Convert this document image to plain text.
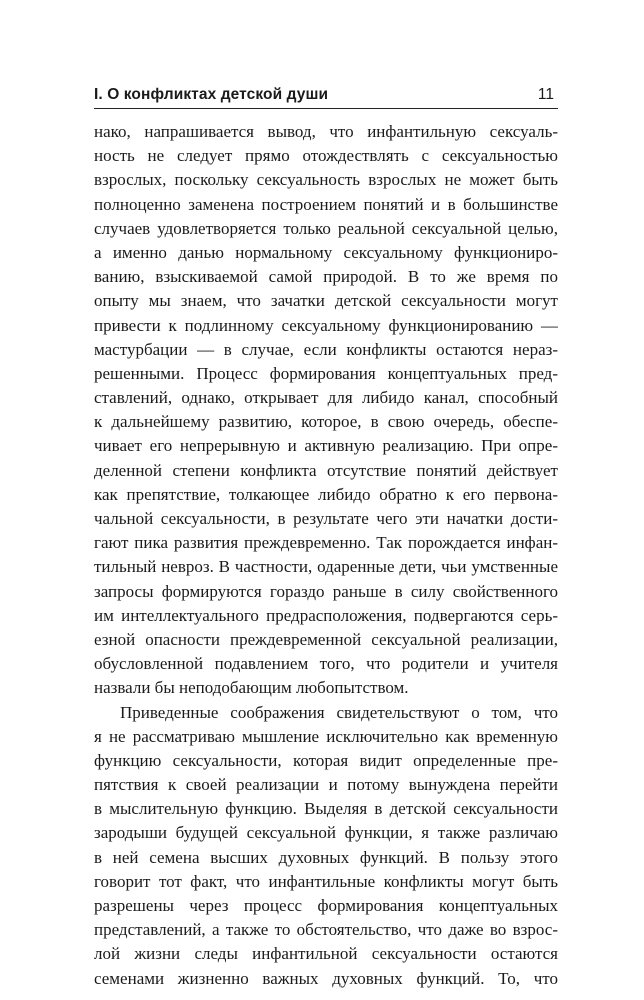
I. О конфликтах детской души	11
нако, напрашивается вывод, что инфантильную сексуаль-
ность не следует прямо отождествлять с сексуальностью
взрослых, поскольку сексуальность взрослых не может быть
полноценно заменена построением понятий и в большинстве
случаев удовлетворяется только реальной сексуальной целью,
а именно данью нормальному сексуальному функциониро-
ванию, взыскиваемой самой природой. В то же время по
опыту мы знаем, что зачатки детской сексуальности могут
привести к подлинному сексуальному функционированию —
мастурбации — в случае, если конфликты остаются нераз-
решенными. Процесс формирования концептуальных пред-
ставлений, однако, открывает для либидо канал, способный
к дальнейшему развитию, которое, в свою очередь, обеспе-
чивает его непрерывную и активную реализацию. При опре-
деленной степени конфликта отсутствие понятий действует
как препятствие, толкающее либидо обратно к его первона-
чальной сексуальности, в результате чего эти начатки дости-
гают пика развития преждевременно. Так порождается инфан-
тильный невроз. В частности, одаренные дети, чьи умственные
запросы формируются гораздо раньше в силу свойственного
им интеллектуального предрасположения, подвергаются серь-
езной опасности преждевременной сексуальной реализации,
обусловленной подавлением того, что родители и учителя
назвали бы неподобающим любопытством.
Приведенные соображения свидетельствуют о том, что
я не рассматриваю мышление исключительно как временную
функцию сексуальности, которая видит определенные пре-
пятствия к своей реализации и потому вынуждена перейти
в мыслительную функцию. Выделяя в детской сексуальности
зародыши будущей сексуальной функции, я также различаю
в ней семена высших духовных функций. В пользу этого
говорит тот факт, что инфантильные конфликты могут быть
разрешены через процесс формирования концептуальных
представлений, а также то обстоятельство, что даже во взрос-
лой жизни следы инфантильной сексуальности остаются
семенами жизненно важных духовных функций. То, что
